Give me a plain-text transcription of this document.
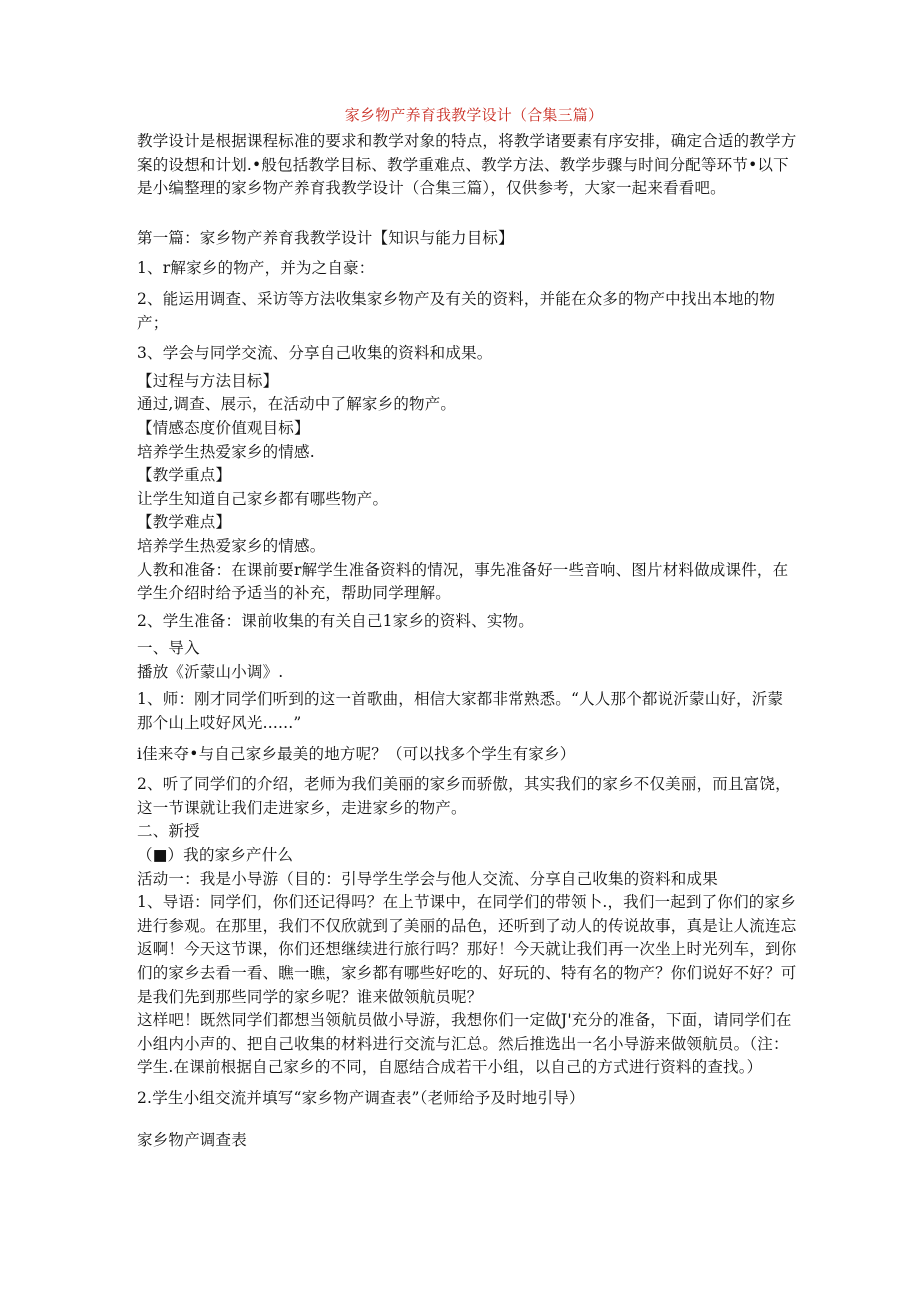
家乡物产养育我教学设计（合集三篇）

教学设计是根据课程标准的要求和教学对象的特点，将教学诸要素有序安排，确定合适的教学方案的设想和计划.•般包括教学目标、教学重难点、教学方法、教学步骤与时间分配等环节•以下是小编整理的家乡物产养育我教学设计（合集三篇），仅供参考，大家一起来看看吧。

第一篇：家乡物产养育我教学设计【知识与能力目标】

1、r解家乡的物产，并为之自豪：

2、能运用调查、采访等方法收集家乡物产及有关的资料，并能在众多的物产中找出本地的物产；

3、学会与同学交流、分享自己收集的资料和成果。

【过程与方法目标】

通过,调查、展示，在活动中了解家乡的物产。

【情感态度价值观目标】

培养学生热爱家乡的情感.

【教学重点】

让学生知道自己家乡都有哪些物产。

【教学难点】

培养学生热爱家乡的情感。

人教和准备：在课前要r解学生准备资料的情况，事先准备好一些音响、图片材料做成课件，在学生介绍时给予适当的补充，帮助同学理解。

2、学生准备：课前收集的有关自己1家乡的资料、实物。

一、导入

播放《沂蒙山小调》.

1、师：刚才同学们听到的这一首歌曲，相信大家都非常熟悉。“人人那个都说沂蒙山好，沂蒙那个山上哎好风光......”

i佳来夺•与自己家乡最美的地方呢？（可以找多个学生有家乡）

2、听了同学们的介绍，老师为我们美丽的家乡而骄傲，其实我们的家乡不仅美丽，而且富饶，这一节课就让我们走进家乡，走进家乡的物产。

二、新授

（■）我的家乡产什么

活动一：我是小导游（目的：引导学生学会与他人交流、分享自己收集的资料和成果

1、导语：同学们，你们还记得吗？在上节课中，在同学们的带领卜.，我们一起到了你们的家乡进行参观。在那里，我们不仅欣就到了美丽的品色，还听到了动人的传说故事，真是让人流连忘返啊！今天这节课，你们还想继续进行旅行吗？那好！今天就让我们再一次坐上时光列车，到你们的家乡去看一看、瞧一瞧，家乡都有哪些好吃的、好玩的、特有名的物产？你们说好不好？可是我们先到那些同学的家乡呢？谁来做领航员呢？

这样吧！既然同学们都想当领航员做小导游，我想你们一定做J'充分的准备，下面，请同学们在小组内小声的、把自己收集的材料进行交流与汇总。然后推选出一名小导游来做领航员。（注：学生.在课前根据自己家乡的不同，自愿结合成若干小组，以自己的方式进行资料的查找。）

2.学生小组交流并填写“家乡物产调查表”（老师给予及时地引导）

家乡物产调查表
